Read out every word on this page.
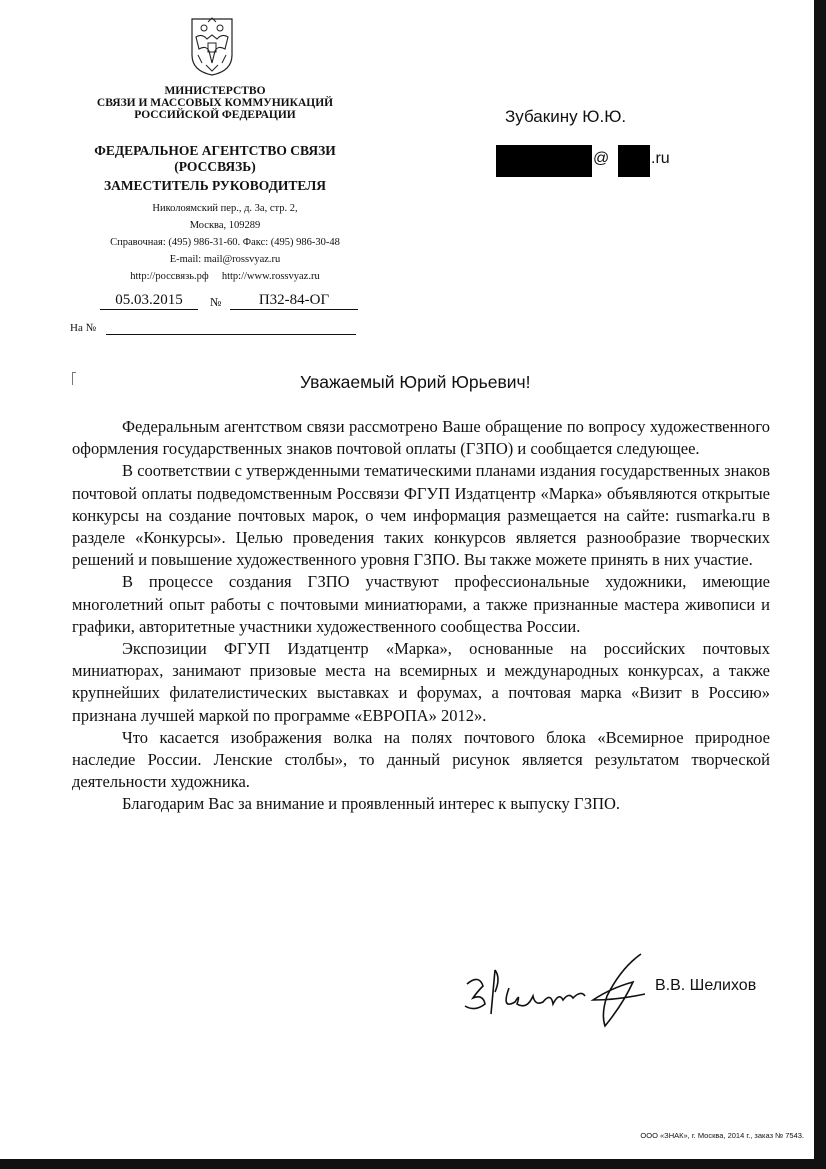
МИНИСТЕРСТВО
СВЯЗИ И МАССОВЫХ КОММУНИКАЦИЙ
РОССИЙСКОЙ ФЕДЕРАЦИИ
ФЕДЕРАЛЬНОЕ АГЕНТСТВО СВЯЗИ
(РОССВЯЗЬ)
ЗАМЕСТИТЕЛЬ РУКОВОДИТЕЛЯ
Николоямский пер., д. 3а, стр. 2,
Москва, 109289
Справочная: (495) 986-31-60. Факс: (495) 986-30-48
E-mail: mail@rossvyaz.ru
http://россвязь.рф     http://www.rossvyaz.ru
05.03.2015	№	П32-84-ОГ
На №
Зубакину Ю.Ю.
@	.ru
Уважаемый Юрий Юрьевич!

Федеральным агентством связи рассмотрено Ваше обращение по вопросу художественного оформления государственных знаков почтовой оплаты (ГЗПО) и сообщается следующее.

В соответствии с утвержденными тематическими планами издания государственных знаков почтовой оплаты подведомственным Россвязи ФГУП Издатцентр «Марка» объявляются открытые конкурсы на создание почтовых марок, о чем информация размещается на сайте: rusmarka.ru в разделе «Конкурсы». Целью проведения таких конкурсов является разнообразие творческих решений и повышение художественного уровня ГЗПО. Вы также можете принять в них участие.

В процессе создания ГЗПО участвуют профессиональные художники, имеющие многолетний опыт работы с почтовыми миниатюрами, а также признанные мастера живописи и графики, авторитетные участники художественного сообщества России.

Экспозиции ФГУП Издатцентр «Марка», основанные на российских почтовых миниатюрах, занимают призовые места на всемирных и международных конкурсах, а также крупнейших филателистических выставках и форумах, а почтовая марка «Визит в Россию» признана лучшей маркой по программе «ЕВРОПА» 2012».

Что касается изображения волка на полях почтового блока «Всемирное природное наследие России. Ленские столбы», то данный рисунок является результатом творческой деятельности художника.

Благодарим Вас за внимание и проявленный интерес к выпуску ГЗПО.

В.В. Шелихов
ООО «ЗНАК», г. Москва, 2014 г., заказ № 7543.
